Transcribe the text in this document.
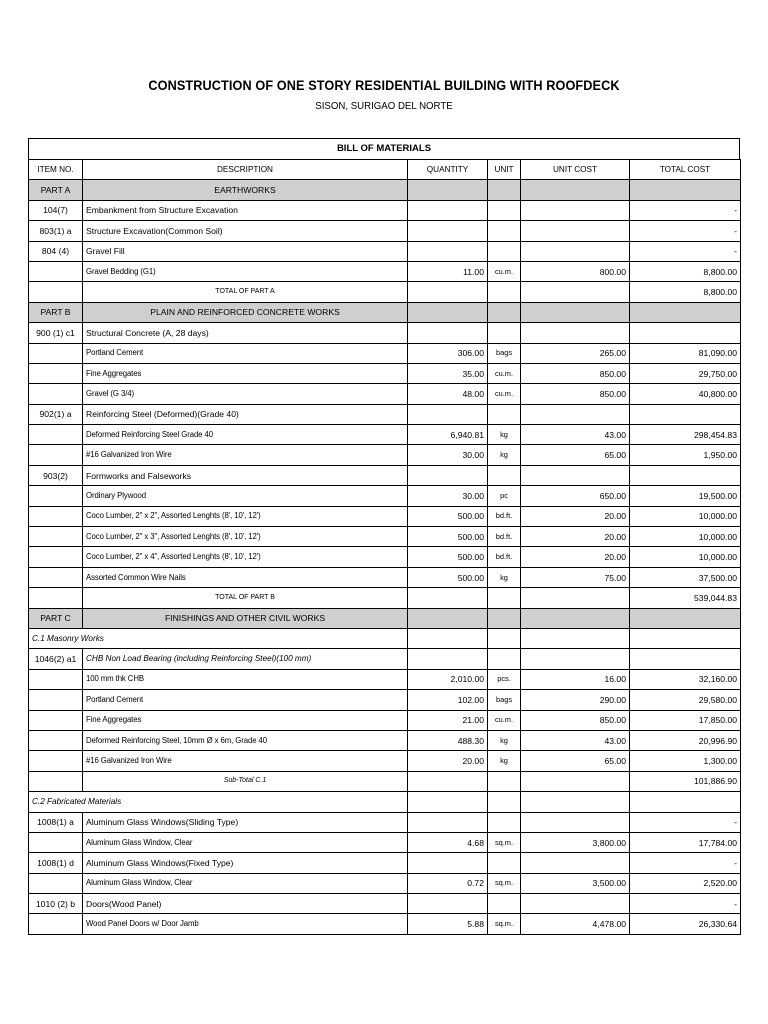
CONSTRUCTION OF ONE STORY RESIDENTIAL BUILDING WITH ROOFDECK
SISON, SURIGAO DEL NORTE
BILL OF MATERIALS
ITEM NO.	DESCRIPTION	QUANTITY	UNIT	UNIT COST	TOTAL COST
PART A	EARTHWORKS				
104(7)	Embankment from Structure Excavation				-
803(1) a	Structure Excavation(Common Soil)				-
804 (4)	Gravel Fill				-
	Gravel Bedding (G1)	11.00	cu.m.	800.00	8,800.00
	TOTAL OF PART A				8,800.00
PART B	PLAIN AND REINFORCED CONCRETE WORKS				
900 (1) c1	Structural Concrete (A, 28 days)				
	Portland Cement	306.00	bags	265.00	81,090.00
	Fine Aggregates	35.00	cu.m.	850.00	29,750.00
	Gravel (G 3/4)	48.00	cu.m.	850.00	40,800.00
902(1) a	Reinforcing Steel (Deformed)(Grade 40)				
	Deformed Reinforcing Steel Grade 40	6,940.81	kg	43.00	298,454.83
	#16 Galvanized Iron Wire	30.00	kg	65.00	1,950.00
903(2)	Formworks and Falseworks				
	Ordinary Plywood	30.00	pc	650.00	19,500.00
	Coco Lumber, 2" x 2", Assorted Lenghts (8', 10', 12')	500.00	bd.ft.	20.00	10,000.00
	Coco Lumber, 2" x 3", Assorted Lenghts (8', 10', 12')	500.00	bd.ft.	20.00	10,000.00
	Coco Lumber, 2" x 4", Assorted Lenghts (8', 10', 12')	500.00	bd.ft.	20.00	10,000.00
	Assorted Common Wire Nails	500.00	kg	75.00	37,500.00
	TOTAL OF PART B				539,044.83
PART C	FINISHINGS AND OTHER CIVIL WORKS				
C.1 Masonry Works					
1046(2) a1	CHB Non Load Bearing (including Reinforcing Steel)(100 mm)				
	100 mm thk CHB	2,010.00	pcs.	16.00	32,160.00
	Portland Cement	102.00	bags	290.00	29,580.00
	Fine Aggregates	21.00	cu.m.	850.00	17,850.00
	Deformed Reinforcing Steel, 10mm Ø x 6m, Grade 40	488.30	kg	43.00	20,996.90
	#16 Galvanized Iron Wire	20.00	kg	65.00	1,300.00
	Sub-Total C.1				101,886.90
C.2 Fabricated Materials					
1008(1) a	Aluminum Glass Windows(Sliding Type)				-
	Aluminum Glass Window, Clear	4.68	sq.m.	3,800.00	17,784.00
1008(1) d	Aluminum Glass Windows(Fixed Type)				-
	Aluminum Glass Window, Clear	0.72	sq.m.	3,500.00	2,520.00
1010 (2) b	Doors(Wood Panel)				-
	Wood Panel Doors w/ Door Jamb	5.88	sq.m.	4,478.00	26,330.64
